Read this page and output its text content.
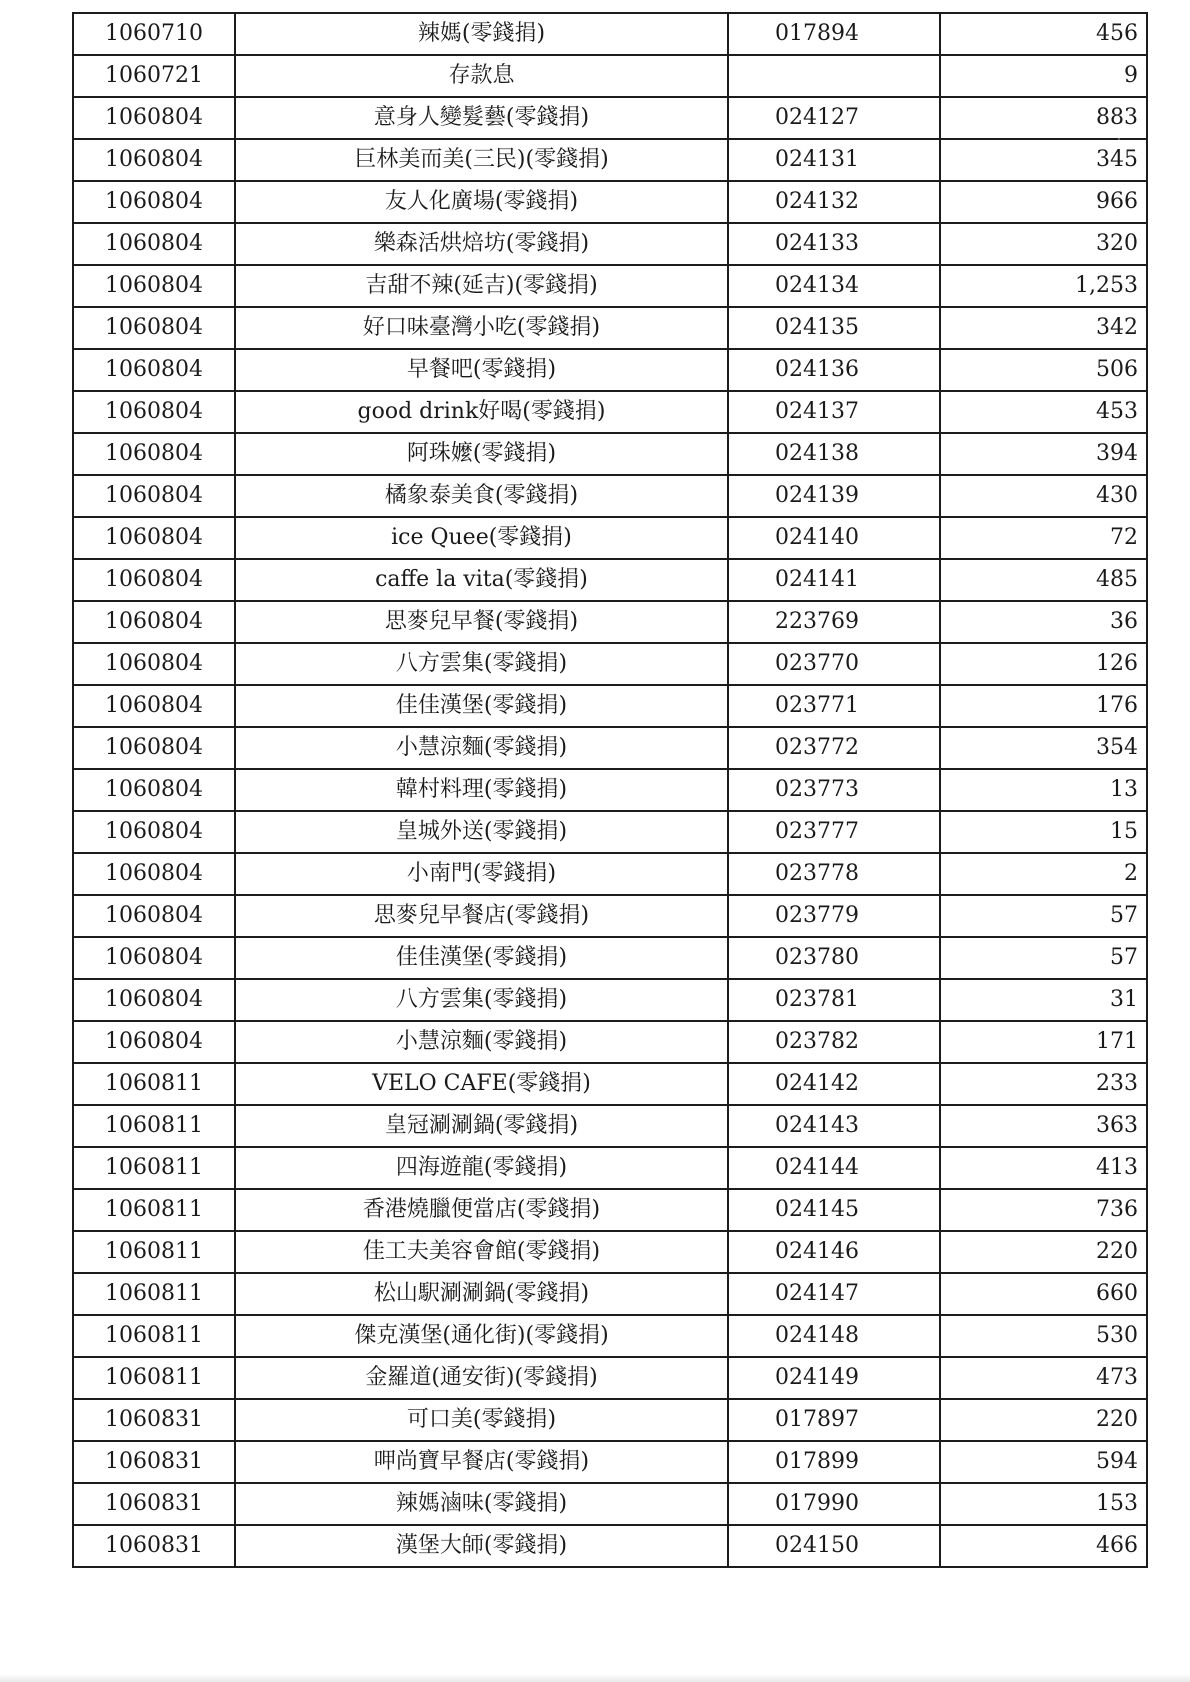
1060710	辣媽(零錢捐)	017894	456
1060721	存款息		9
1060804	意身人變髮藝(零錢捐)	024127	883
1060804	巨林美而美(三民)(零錢捐)	024131	345
1060804	友人化廣場(零錢捐)	024132	966
1060804	樂森活烘焙坊(零錢捐)	024133	320
1060804	吉甜不辣(延吉)(零錢捐)	024134	1,253
1060804	好口味臺灣小吃(零錢捐)	024135	342
1060804	早餐吧(零錢捐)	024136	506
1060804	good drink好喝(零錢捐)	024137	453
1060804	阿珠嬤(零錢捐)	024138	394
1060804	橘象泰美食(零錢捐)	024139	430
1060804	ice Quee(零錢捐)	024140	72
1060804	caffe la vita(零錢捐)	024141	485
1060804	思麥兒早餐(零錢捐)	223769	36
1060804	八方雲集(零錢捐)	023770	126
1060804	佳佳漢堡(零錢捐)	023771	176
1060804	小慧涼麵(零錢捐)	023772	354
1060804	韓村料理(零錢捐)	023773	13
1060804	皇城外送(零錢捐)	023777	15
1060804	小南門(零錢捐)	023778	2
1060804	思麥兒早餐店(零錢捐)	023779	57
1060804	佳佳漢堡(零錢捐)	023780	57
1060804	八方雲集(零錢捐)	023781	31
1060804	小慧涼麵(零錢捐)	023782	171
1060811	VELO CAFE(零錢捐)	024142	233
1060811	皇冠涮涮鍋(零錢捐)	024143	363
1060811	四海遊龍(零錢捐)	024144	413
1060811	香港燒臘便當店(零錢捐)	024145	736
1060811	佳工夫美容會館(零錢捐)	024146	220
1060811	松山駅涮涮鍋(零錢捐)	024147	660
1060811	傑克漢堡(通化街)(零錢捐)	024148	530
1060811	金羅道(通安街)(零錢捐)	024149	473
1060831	可口美(零錢捐)	017897	220
1060831	呷尚寶早餐店(零錢捐)	017899	594
1060831	辣媽滷味(零錢捐)	017990	153
1060831	漢堡大師(零錢捐)	024150	466
